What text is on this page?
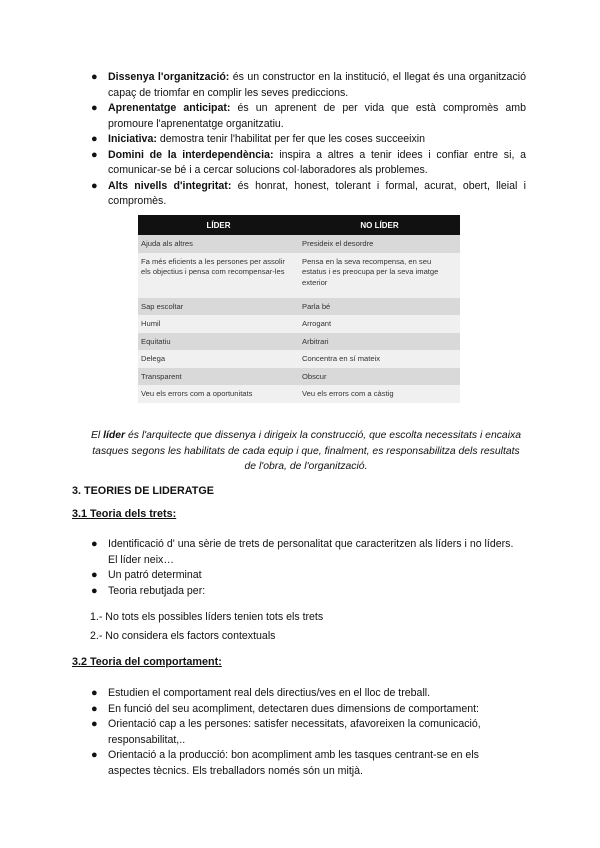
● Dissenya l'organització: és un constructor en la institució, el llegat és una organització capaç de triomfar en complir les seves prediccions.
● Aprenentatge anticipat: és un aprenent de per vida que està compromès amb promoure l'aprenentatge organitzatiu.
● Iniciativa: demostra tenir l'habilitat per fer que les coses succeeixin
● Domini de la interdependència: inspira a altres a tenir idees i confiar entre si, a comunicar-se bé i a cercar solucions col·laboradores als problemes.
● Alts nivells d'integritat: és honrat, honest, tolerant i formal, acurat, obert, lleial i compromès.
LÍDER	NO LÍDER
Ajuda als altres	Presideix el desordre
Fa més eficients a les persones per assolir els objectius i pensa com recompensar-les	Pensa en la seva recompensa, en seu estatus i es preocupa per la seva imatge exterior
Sap escoltar	Parla bé
Humil	Arrogant
Equitatiu	Arbitrari
Delega	Concentra en sí mateix
Transparent	Obscur
Veu els errors com a oportunitats	Veu els errors com a càstig
El líder és l'arquitecte que dissenya i dirigeix la construcció, que escolta necessitats i encaixa tasques segons les habilitats de cada equip i que, finalment, es responsabilitza dels resultats de l'obra, de l'organització.
3. TEORIES DE LIDERATGE
3.1 Teoria dels trets:
● Identificació d' una sèrie de trets de personalitat que caracteritzen als líders i no líders. El líder neix…
● Un patró determinat
● Teoria rebutjada per:
1.- No tots els possibles líders tenien tots els trets
2.- No considera els factors contextuals
3.2 Teoria del comportament:
● Estudien el comportament real dels directius/ves en el lloc de treball.
● En funció del seu acompliment, detectaren dues dimensions de comportament:
● Orientació cap a les persones: satisfer necessitats, afavoreixen la comunicació, responsabilitat,..
● Orientació a la producció: bon acompliment amb les tasques centrant-se en els aspectes tècnics. Els treballadors només són un mitjà.
